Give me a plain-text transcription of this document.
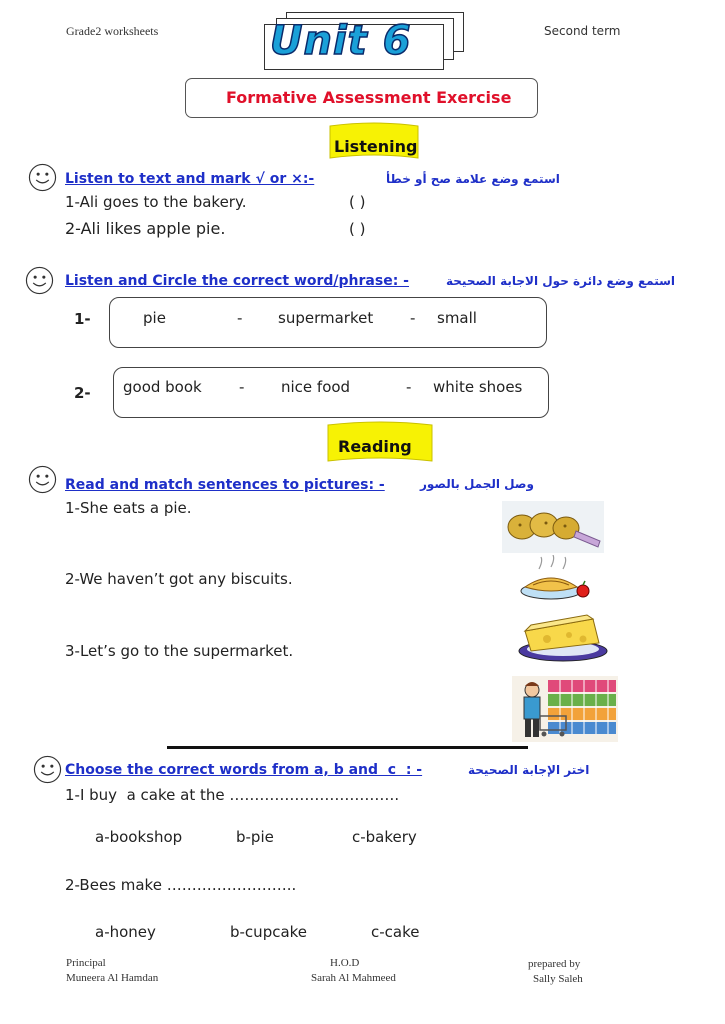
Grade2 worksheets	Second term
Unit 6
Formative Assessment Exercise
Listening
Listen to text and mark √ or ×:-	استمع وضع علامة صح أو خطأ
1-Ali goes to the bakery.	( )
2-Ali likes apple pie.	( )
Listen and Circle the correct word/phrase: -	استمع وضع دائرة حول الاجابة الصحيحة
1-	pie	- supermarket - small
2- good book - nice food	- white shoes
Reading
Read and match sentences to pictures: -	وصل الجمل بالصور
1-She eats a pie.
2-We haven’t got any biscuits.
3-Let’s go to the supermarket.
Choose the correct words from a, b and  c  : -	اختر الإجابة الصحيحة
1-I buy  a cake at the …………………………….
a-bookshop	b-pie	c-bakery
2-Bees make ……………………..
a-honey	b-cupcake	c-cake
Principal
Muneera Al Hamdan
H.O.D
Sarah Al Mahmeed
prepared by
Sally Saleh
